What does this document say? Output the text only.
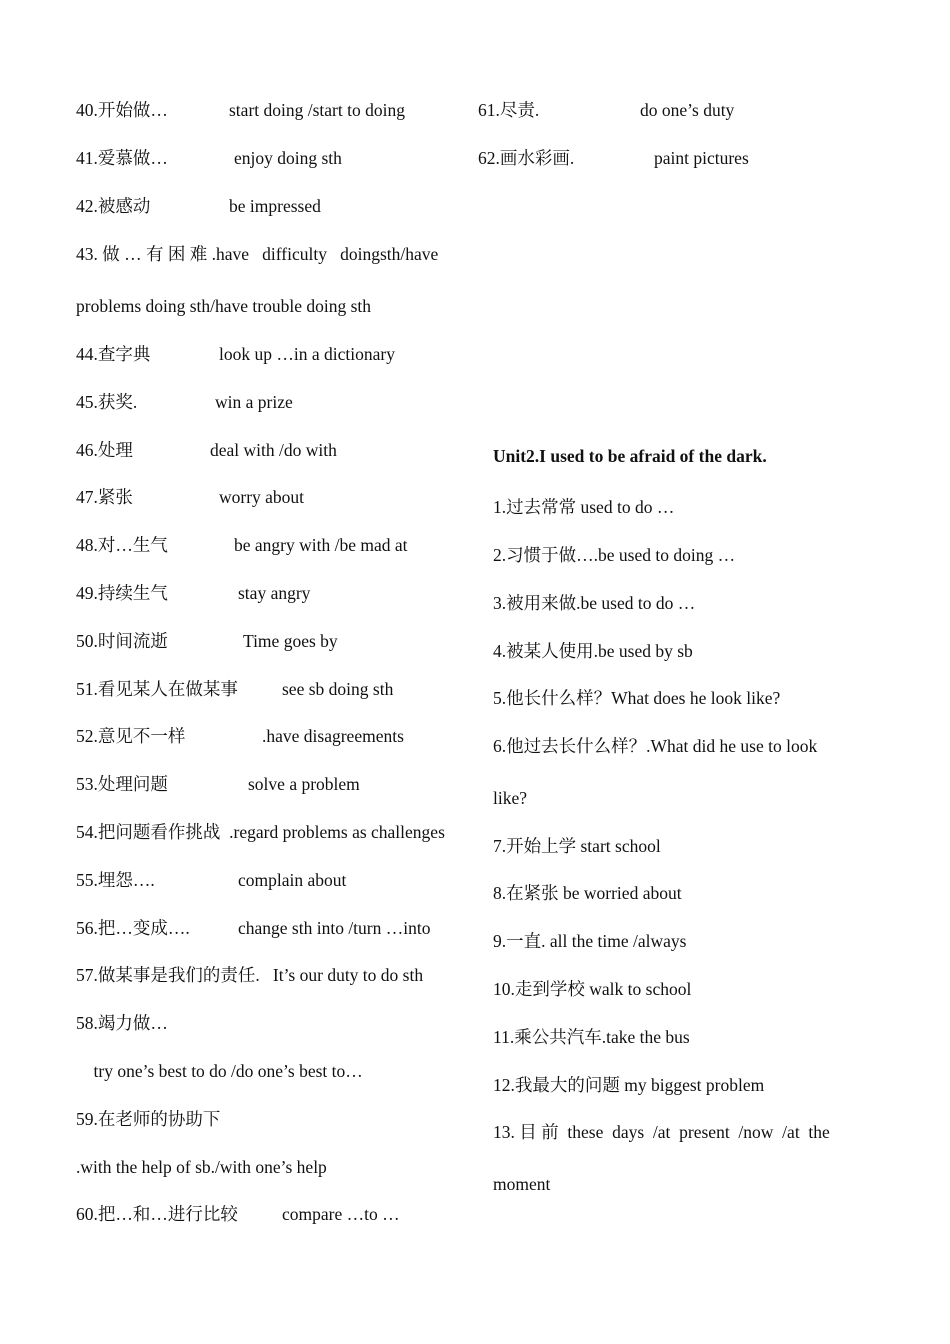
40.开始做…	start doing /start to doing
41.爱慕做…	enjoy doing sth
42.被感动	be impressed
43. 做 … 有 困 难 .have   difficulty   doingsth/have
problems doing sth/have trouble doing sth
44.查字典	look up …in a dictionary
45.获奖.	win a prize
46.处理	deal with /do with
47.紧张	worry about
48.对…生气	be angry with /be mad at
49.持续生气	stay angry
50.时间流逝	Time goes by
51.看见某人在做某事	see sb doing sth
52.意见不一样	.have disagreements
53.处理问题	solve a problem
54.把问题看作挑战  .regard problems as challenges
55.埋怨….	complain about
56.把…变成….	change sth into /turn …into
57.做某事是我们的责任.   It’s our duty to do sth
58.竭力做…
try one’s best to do /do one’s best to…
59.在老师的协助下
.with the help of sb./with one’s help
60.把…和…进行比较	compare …to …
61.尽责.	do one’s duty
62.画水彩画.	paint pictures
Unit2.I used to be afraid of the dark.
1.过去常常 used to do …
2.习惯于做….be used to doing …
3.被用来做.be used to do …
4.被某人使用.be used by sb
5.他长什么样？What does he look like?
6.他过去长什么样？.What did he use to look
like?
7.开始上学 start school
8.在紧张 be worried about
9.一直. all the time /always
10.走到学校 walk to school
11.乘公共汽车.take the bus
12.我最大的问题 my biggest problem
13. 目 前  these  days  /at  present  /now  /at  the
moment
